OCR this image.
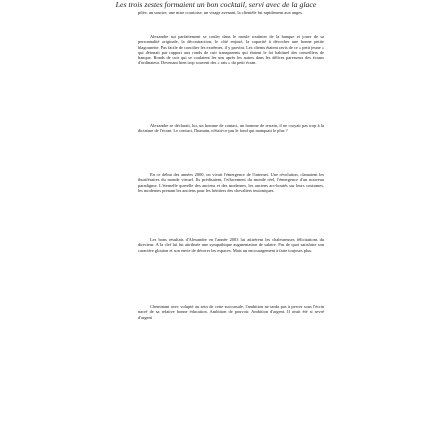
Les trois zestes formaient un bon cocktail, servi avec de la glace

pilée, un sourire, une mise courtoise, un visage avenant, la clientèle fut rapidement aux anges.

Alexandre sut parfaitement se couler dans le moule routinier de la banque et jouer de sa personnalité originale, la décontraction, le côté enjoué, la capacité à décocher une bonne petite blagounette. Pas facile de concilier les extrêmes, il y parvint. Les clients étaient ravis de ce « petit jeune » qui détonait par rapport aux ronds de cuir transparents qui étaient le lot habituel des conseillers de banque. Ronds de cuir qui se coulaient les uns après les autres dans les délices paresseux des écrans d'ordinateur. Devenant bien trop souvent des « rats » du petit écran.

Alexandre se déclarait, lui, un homme de contact, un homme de terrain, il ne croyait pas trop à la dictature de l'écran. Le contact, l'humain, n'était-ce pas le fond qui manquait le plus ?

En ce début des années 2000, on vivait l'émergence de l'internet. Une révolution, clamaient les thuriféraires du monde virtuel. Ils prédisaient, l'effacement du monde réel, l'émergence d'un nouveau paradigme. L'éternelle querelle des anciens et des modernes, les anciens arc-boutés sur leurs coutumes, les modernes prenant les anciens pour les héritiers des chevaliers teutoniques.

Les bons résultats d'Alexandre en l'année 2003 lui attirèrent les chaleureuses félicitations du directeur. A la clef lui fut attribuée une sympathique augmentation de salaire. Pas de quoi satisfaire son caractère glouton et son envie de dévorer les espaces. Mais un encouragement à faire toujours plus.

Cheminant avec volupté au sein de cette succursale, l'ambition ne tarda pas à percer sous l'écrin nacré de sa relative bonne éducation. Ambition de pouvoir. Ambition d'argent. Il avait été si sevré d'argent
